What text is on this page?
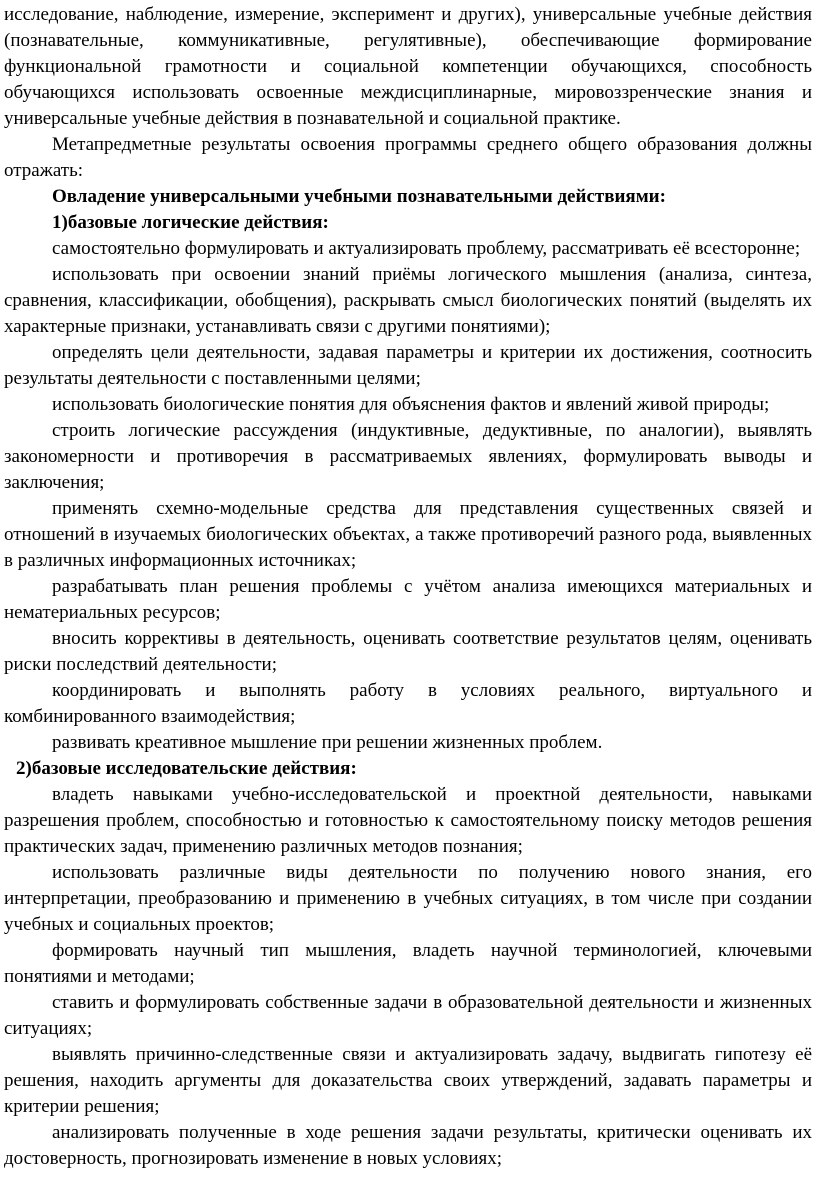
исследование, наблюдение, измерение, эксперимент и других), универсальные учебные действия (познавательные, коммуникативные, регулятивные), обеспечивающие формирование функциональной грамотности и социальной компетенции обучающихся, способность обучающихся использовать освоенные междисциплинарные, мировоззренческие знания и универсальные учебные действия в познавательной и социальной практике.

Метапредметные результаты освоения программы среднего общего образования должны отражать:

Овладение универсальными учебными познавательными действиями:

1)базовые логические действия:

самостоятельно формулировать и актуализировать проблему, рассматривать её всесторонне;

использовать при освоении знаний приёмы логического мышления (анализа, синтеза, сравнения, классификации, обобщения), раскрывать смысл биологических понятий (выделять их характерные признаки, устанавливать связи с другими понятиями);

определять цели деятельности, задавая параметры и критерии их достижения, соотносить результаты деятельности с поставленными целями;

использовать биологические понятия для объяснения фактов и явлений живой природы;

строить логические рассуждения (индуктивные, дедуктивные, по аналогии), выявлять закономерности и противоречия в рассматриваемых явлениях, формулировать выводы и заключения;

применять схемно-модельные средства для представления существенных связей и отношений в изучаемых биологических объектах, а также противоречий разного рода, выявленных в различных информационных источниках;

разрабатывать план решения проблемы с учётом анализа имеющихся материальных и нематериальных ресурсов;

вносить коррективы в деятельность, оценивать соответствие результатов целям, оценивать риски последствий деятельности;

координировать и выполнять работу в условиях реального, виртуального и комбинированного взаимодействия;

развивать креативное мышление при решении жизненных проблем.

2)базовые исследовательские действия:

владеть навыками учебно-исследовательской и проектной деятельности, навыками разрешения проблем, способностью и готовностью к самостоятельному поиску методов решения практических задач, применению различных методов познания;

использовать различные виды деятельности по получению нового знания, его интерпретации, преобразованию и применению в учебных ситуациях, в том числе при создании учебных и социальных проектов;

формировать научный тип мышления, владеть научной терминологией, ключевыми понятиями и методами;

ставить и формулировать собственные задачи в образовательной деятельности и жизненных ситуациях;

выявлять причинно-следственные связи и актуализировать задачу, выдвигать гипотезу её решения, находить аргументы для доказательства своих утверждений, задавать параметры и критерии решения;

анализировать полученные в ходе решения задачи результаты, критически оценивать их достоверность, прогнозировать изменение в новых условиях;
